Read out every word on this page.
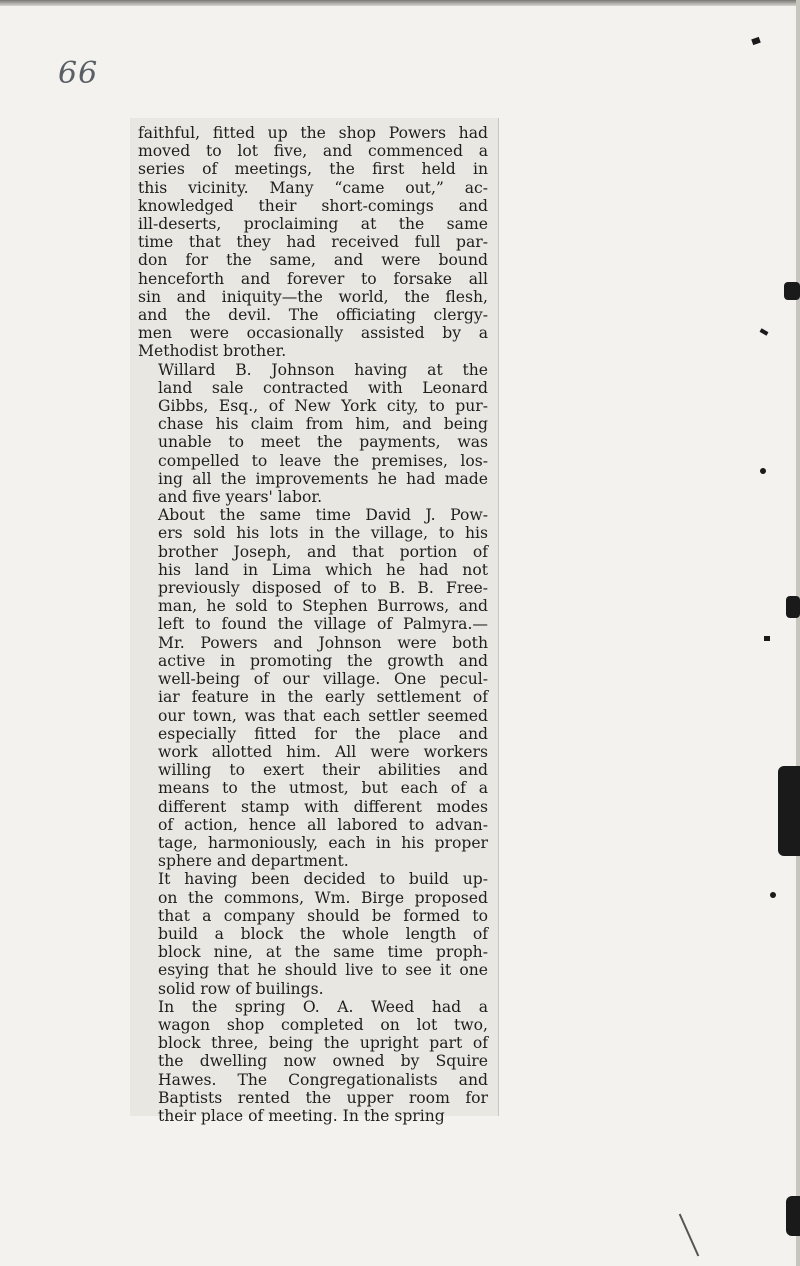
66

faithful, fitted up the shop Powers had
moved to lot five, and commenced a
series of meetings, the first held in
this vicinity. Many “came out,” ac-
knowledged their short-comings and
ill-deserts, proclaiming at the same
time that they had received full par-
don for the same, and were bound
henceforth and forever to forsake all
sin and iniquity—the world, the flesh,
and the devil. The officiating clergy-
men were occasionally assisted by a
Methodist brother.

Willard B. Johnson having at the
land sale contracted with Leonard
Gibbs, Esq., of New York city, to pur-
chase his claim from him, and being
unable to meet the payments, was
compelled to leave the premises, los-
ing all the improvements he had made
and five years' labor.

About the same time David J. Pow-
ers sold his lots in the village, to his
brother Joseph, and that portion of
his land in Lima which he had not
previously disposed of to B. B. Free-
man, he sold to Stephen Burrows, and
left to found the village of Palmyra.—
Mr. Powers and Johnson were both
active in promoting the growth and
well-being of our village. One pecul-
iar feature in the early settlement of
our town, was that each settler seemed
especially fitted for the place and
work allotted him. All were workers
willing to exert their abilities and
means to the utmost, but each of a
different stamp with different modes
of action, hence all labored to advan-
tage, harmoniously, each in his proper
sphere and department.

It having been decided to build up-
on the commons, Wm. Birge proposed
that a company should be formed to
build a block the whole length of
block nine, at the same time proph-
esying that he should live to see it one
solid row of builings.

In the spring O. A. Weed had a
wagon shop completed on lot two,
block three, being the upright part of
the dwelling now owned by Squire
Hawes. The Congregationalists and
Baptists rented the upper room for
their place of meeting. In the spring
